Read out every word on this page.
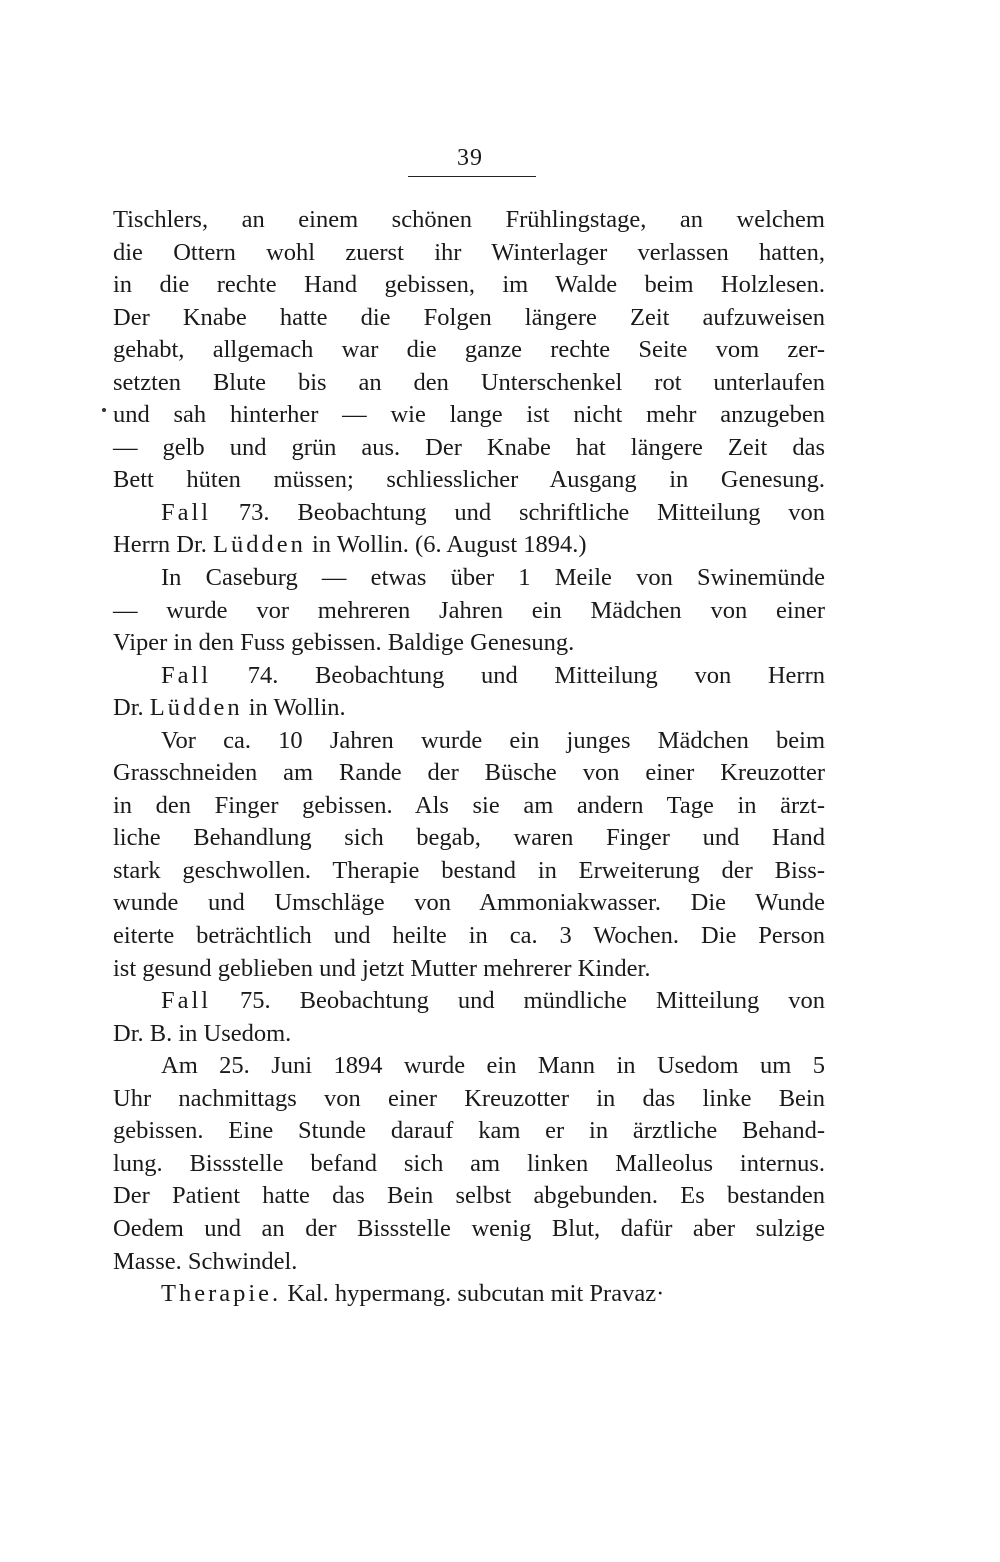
39
Tischlers, an einem schönen Frühlingstage, an welchem
die Ottern wohl zuerst ihr Winterlager verlassen hatten,
in die rechte Hand gebissen, im Walde beim Holzlesen.
Der Knabe hatte die Folgen längere Zeit aufzuweisen
gehabt, allgemach war die ganze rechte Seite vom zer-
setzten Blute bis an den Unterschenkel rot unterlaufen
und sah hinterher — wie lange ist nicht mehr anzugeben
— gelb und grün aus. Der Knabe hat längere Zeit das
Bett hüten müssen; schliesslicher Ausgang in Genesung.
Fall 73. Beobachtung und schriftliche Mitteilung von
Herrn Dr. Lüdden in Wollin. (6. August 1894.)
In Caseburg — etwas über 1 Meile von Swinemünde
— wurde vor mehreren Jahren ein Mädchen von einer
Viper in den Fuss gebissen. Baldige Genesung.
Fall 74. Beobachtung und Mitteilung von Herrn
Dr. Lüdden in Wollin.
Vor ca. 10 Jahren wurde ein junges Mädchen beim
Grasschneiden am Rande der Büsche von einer Kreuzotter
in den Finger gebissen. Als sie am andern Tage in ärzt-
liche Behandlung sich begab, waren Finger und Hand
stark geschwollen. Therapie bestand in Erweiterung der Biss-
wunde und Umschläge von Ammoniakwasser. Die Wunde
eiterte beträchtlich und heilte in ca. 3 Wochen. Die Person
ist gesund geblieben und jetzt Mutter mehrerer Kinder.
Fall 75. Beobachtung und mündliche Mitteilung von
Dr. B. in Usedom.
Am 25. Juni 1894 wurde ein Mann in Usedom um 5
Uhr nachmittags von einer Kreuzotter in das linke Bein
gebissen. Eine Stunde darauf kam er in ärztliche Behand-
lung. Bissstelle befand sich am linken Malleolus internus.
Der Patient hatte das Bein selbst abgebunden. Es bestanden
Oedem und an der Bissstelle wenig Blut, dafür aber sulzige
Masse. Schwindel.
Therapie. Kal. hypermang. subcutan mit Pravaz·
